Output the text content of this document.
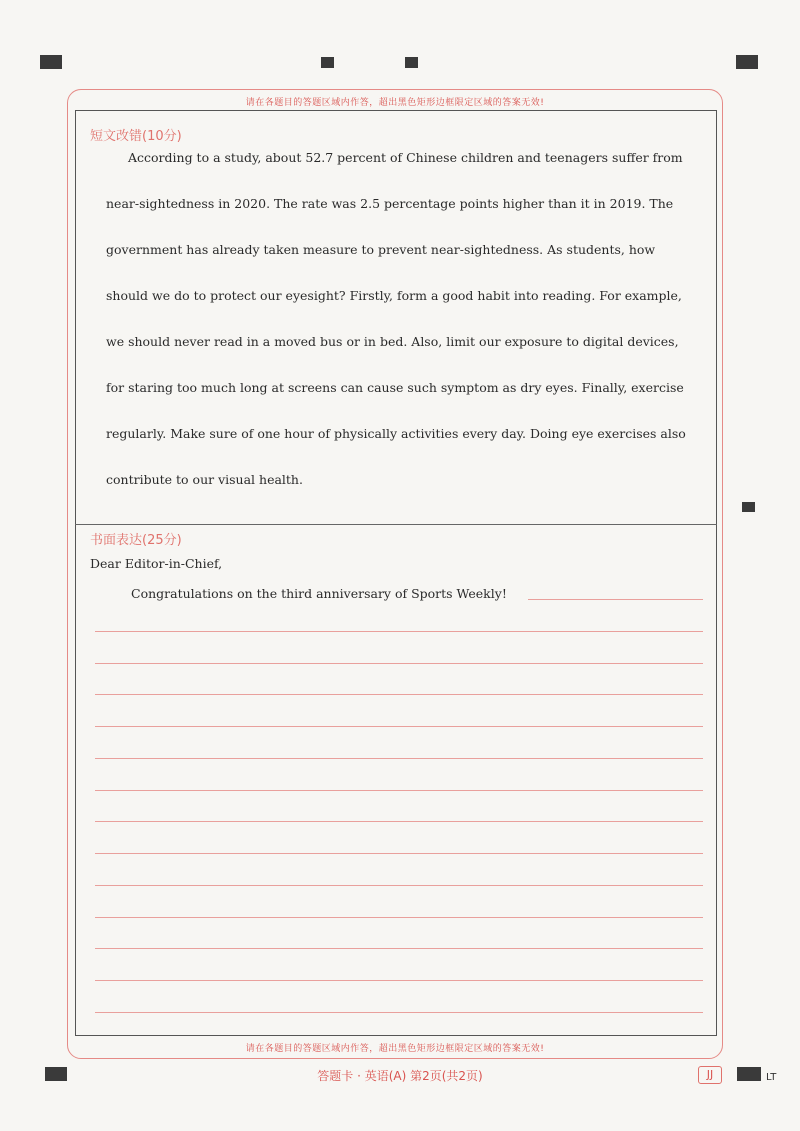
请在各题目的答题区域内作答，超出黑色矩形边框限定区域的答案无效!
请在各题目的答题区域内作答，超出黑色矩形边框限定区域的答案无效!
短文改错(10分)
According to a study, about 52.7 percent of Chinese children and teenagers suffer from
near-sightedness in 2020. The rate was 2.5 percentage points higher than it in 2019. The
government has already taken measure to prevent near-sightedness. As students, how
should we do to protect our eyesight? Firstly, form a good habit into reading. For example,
we should never read in a moved bus or in bed. Also, limit our exposure to digital devices,
for staring too much long at screens can cause such symptom as dry eyes. Finally, exercise
regularly. Make sure of one hour of physically activities every day. Doing eye exercises also
contribute to our visual health.
书面表达(25分)
Dear Editor-in-Chief,
Congratulations on the third anniversary of Sports Weekly!
答题卡 · 英语(A) 第2页(共2页)	JJ	LT
